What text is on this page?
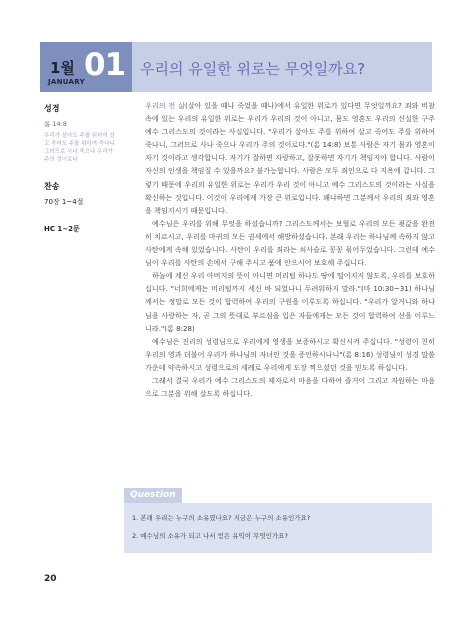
1월
JANUARY 01 우리의 유일한 위로는 무엇일까요?
성경
롬 14:8
우리가 살아도 주를 위하여 살고 죽어도 주를 위하여 죽나니 그러므로 사나 죽으나 우리가 주의 것이로다
찬송
70장 1~4절
HC 1~2문

우리의 전 삶(살아 있을 때나 죽었을 때나)에서 유일한 위로가 있다면 무엇일까요? 죄와 비참 속에 있는 우리의 유일한 위로는 우리가 우리의 것이 아니고, 몸도 영혼도 우리의 신실한 구주 예수 그리스도의 것이라는 사실입니다. "우리가 살아도 주를 위하여 살고 죽어도 주를 위하여 죽나니, 그러므로 사나 죽으나 우리가 주의 것이로다."(롬 14:8) 보통 사람은 자기 몸과 영혼이 자기 것이라고 생각합니다. 자기가 잘하면 자랑하고, 잘못하면 자기가 책임지야 합니다. 사람이 자신의 인생을 책임질 수 있을까요? 불가능합니다. 사람은 모두 죄인으로 다 지옥에 갑니다. 그렇기 때문에 우리의 유일한 위로는 우리가 우리 것이 아니고 예수 그리스도의 것이라는 사실을 확신하는 것입니다. 이것이 우리에게 가장 큰 위로입니다. 왜냐하면 그분께서 우리의 죄와 영혼을 책임지시기 때문입니다.

예수님은 우리를 위해 무엇을 하셨습니까? 그리스도께서는 보혈로 우리의 모든 죗값을 완전히 치르시고, 우리를 마귀의 모든 권세에서 해방하셨습니다. 본래 우리는 하나님께 속하지 않고 사탄에게 속해 있었습니다. 사탄이 우리를 죄라는 쇠사슬로 꽁꽁 묶어두었습니다. 그런데 예수님이 우리를 사탄의 손에서 구해 주시고 품에 안으시어 보호해 주십니다.

하늘에 계신 우리 아버지의 뜻이 아니면 머리털 하나도 땅에 떨어지지 않도록, 우리를 보호하십니다. "너희에게는 머리털까지 세신 바 되었나니 두려워하지 말라."(마 10:30~31) 하나님께서는 정말로 모든 것이 합력하여 우리의 구원을 이루도록 하십니다. "우리가 알거니와 하나님을 사랑하는 자, 곧 그의 뜻대로 부르심을 입은 자들에게는 모든 것이 합력하여 선을 이루느니라."(롬 8:28)

예수님은 진리의 성령님으로 우리에게 영생을 보증하시고 확신시켜 주십니다. "성령이 친히 우리의 영과 더불어 우리가 하나님의 자녀인 것을 증언하시나니"(롬 8:16) 성령님이 성경 말씀 가운데 약속하시고 성령으로의 세례로 우리에게 도장 찍으셨던 것을 믿도록 하십니다.

그래서 결국 우리가 예수 그리스도의 제자로서 마음을 다하여 즐거이 그리고 자원하는 마음으로 그분을 위해 살도록 하십니다.

Question
1. 본래 우리는 누구의 소유였나요? 지금은 누구의 소유인가요?
2. 예수님의 소유가 되고 나서 얻은 유익이 무엇인가요?
20
